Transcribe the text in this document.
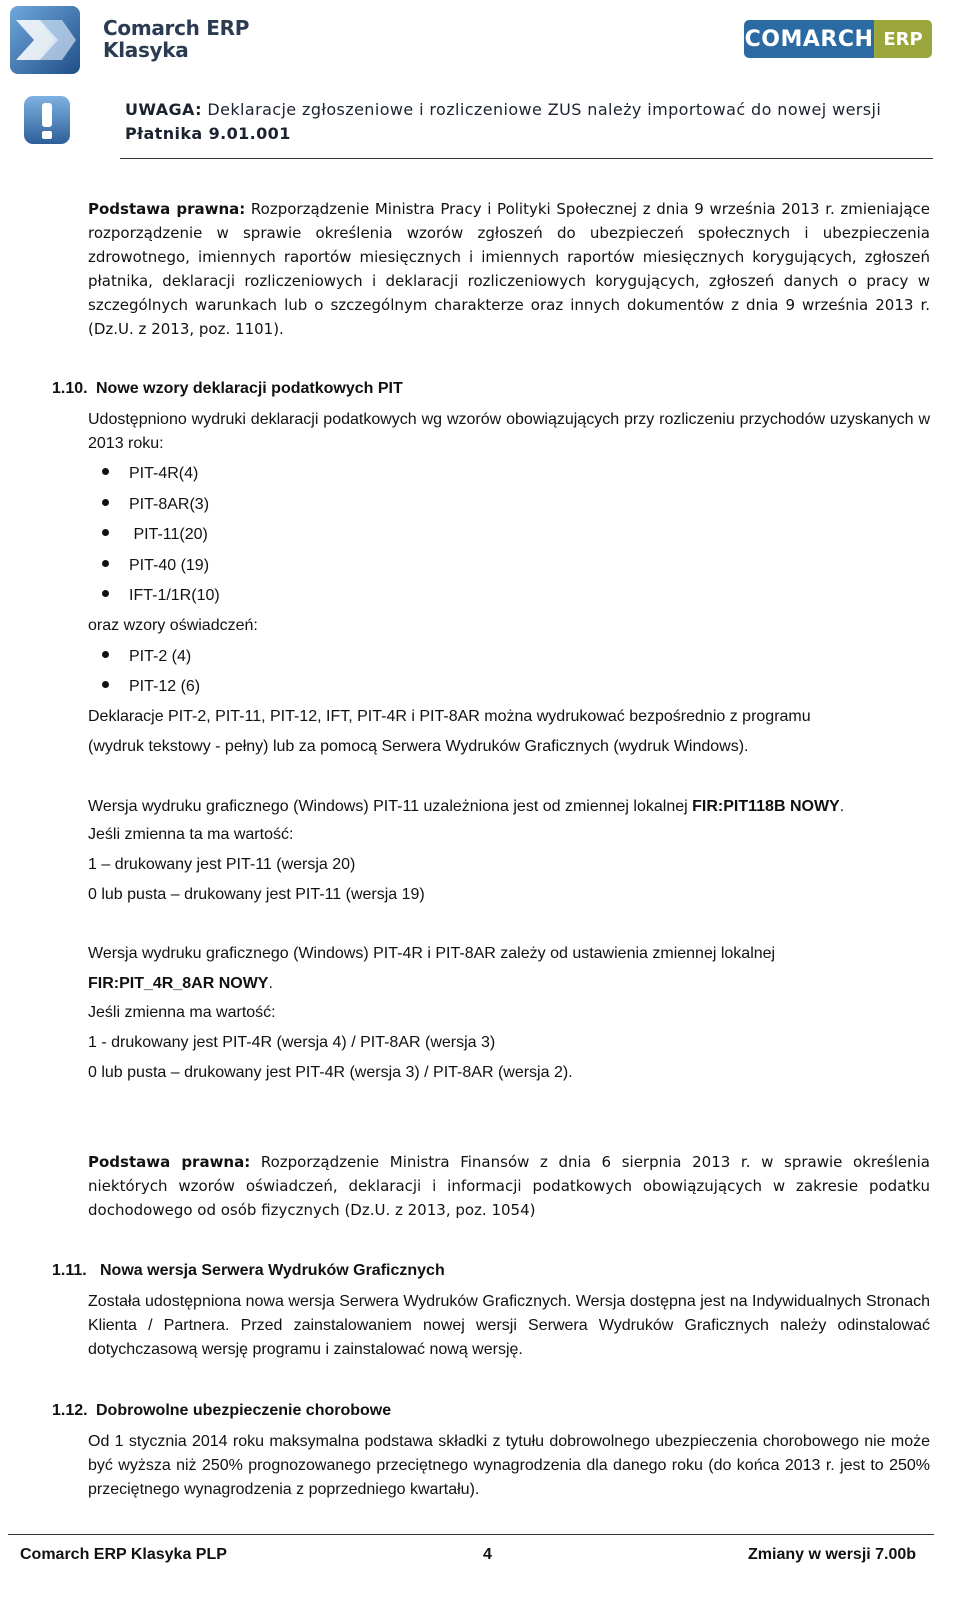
Comarch ERP
Klasyka	COMARCH ERP
UWAGA: Deklaracje zgłoszeniowe i rozliczeniowe ZUS należy importować do nowej wersji
Płatnika 9.01.001
Podstawa prawna: Rozporządzenie Ministra Pracy i Polityki Społecznej z dnia 9 września 2013 r. zmieniające rozporządzenie w sprawie określenia wzorów zgłoszeń do ubezpieczeń społecznych i ubezpieczenia zdrowotnego, imiennych raportów miesięcznych i imiennych raportów miesięcznych korygujących, zgłoszeń płatnika, deklaracji rozliczeniowych i deklaracji rozliczeniowych korygujących, zgłoszeń danych o pracy w szczególnych warunkach lub o szczególnym charakterze oraz innych dokumentów z dnia 9 września 2013 r. (Dz.U. z 2013, poz. 1101).
1.10. Nowe wzory deklaracji podatkowych PIT
Udostępniono wydruki deklaracji podatkowych wg wzorów obowiązujących przy rozliczeniu przychodów uzyskanych w 2013 roku:
PIT-4R(4)
PIT-8AR(3)
PIT-11(20)
PIT-40 (19)
IFT-1/1R(10)
oraz wzory oświadczeń:
PIT-2 (4)
PIT-12 (6)
Deklaracje PIT-2, PIT-11, PIT-12, IFT, PIT-4R i PIT-8AR można wydrukować bezpośrednio z programu
(wydruk tekstowy - pełny) lub za pomocą Serwera Wydruków Graficznych (wydruk Windows).
Wersja wydruku graficznego (Windows) PIT-11 uzależniona jest od zmiennej lokalnej FIR:PIT118B NOWY.
Jeśli zmienna ta ma wartość:
1 – drukowany jest PIT-11 (wersja 20)
0 lub pusta – drukowany jest PIT-11 (wersja 19)
Wersja wydruku graficznego (Windows) PIT-4R i PIT-8AR zależy od ustawienia zmiennej lokalnej
FIR:PIT_4R_8AR NOWY.
Jeśli zmienna ma wartość:
1 - drukowany jest PIT-4R (wersja 4) / PIT-8AR (wersja 3)
0 lub pusta – drukowany jest PIT-4R (wersja 3) / PIT-8AR (wersja 2).
Podstawa prawna: Rozporządzenie Ministra Finansów z dnia 6 sierpnia 2013 r. w sprawie określenia niektórych wzorów oświadczeń, deklaracji i informacji podatkowych obowiązujących w zakresie podatku dochodowego od osób fizycznych (Dz.U. z 2013, poz. 1054)
1.11. Nowa wersja Serwera Wydruków Graficznych
Została udostępniona nowa wersja Serwera Wydruków Graficznych. Wersja dostępna jest na Indywidualnych Stronach Klienta / Partnera. Przed zainstalowaniem nowej wersji Serwera Wydruków Graficznych należy odinstalować dotychczasową wersję programu i zainstalować nową wersję.
1.12. Dobrowolne ubezpieczenie chorobowe
Od 1 stycznia 2014 roku maksymalna podstawa składki z tytułu dobrowolnego ubezpieczenia chorobowego nie może być wyższa niż 250% prognozowanego przeciętnego wynagrodzenia dla danego roku (do końca 2013 r. jest to 250% przeciętnego wynagrodzenia z poprzedniego kwartału).
Comarch ERP Klasyka PLP	4	Zmiany w wersji 7.00b
